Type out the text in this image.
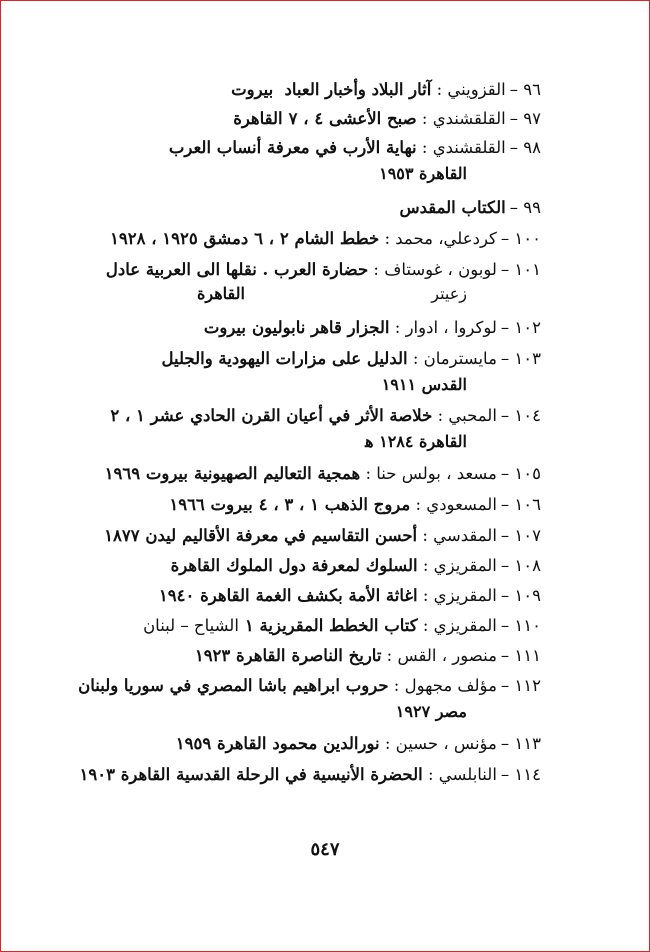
٩٦ –
القزويني :

آثار البلاد وأخبار العباد

بيروت
٩٧ –
القلقشندي :

صبح الأعشى ٤ ، ٧
القاهرة
٩٨ –
القلقشندي :

نهاية الأرب في معرفة أنساب العرب
القاهرة ١٩٥٣
٩٩ –
الكتاب المقدس
١٠٠ –
كردعلي، محمد :

خطط الشام ٢ ، ٦
دمشق ١٩٢٥ ، ١٩٢٨
١٠١ –
لوبون ، غوستاف :

حضارة العرب . نقلها الى العربية عادل
زعيتر
القاهرة
١٠٢ –
لوكروا ، ادوار :

الجزار قاهر نابوليون
بيروت
١٠٣ –
مايسترمان :

الدليل على مزارات اليهودية والجليل
القدس ١٩١١
١٠٤ –
المحبي :

خلاصة الأثر في أعيان القرن الحادي عشر ١ ، ٢
القاهرة ١٢٨٤ ﻫ
١٠٥ –
مسعد ، بولس حنا :

همجية التعاليم الصهيونية
بيروت ١٩٦٩
١٠٦ –
المسعودي :

مروج الذهب ١ ، ٣ ، ٤
بيروت ١٩٦٦
١٠٧ –
المقدسي :

أحسن التقاسيم في معرفة الأقاليم
ليدن ١٨٧٧
١٠٨ –
المقريزي :

السلوك لمعرفة دول الملوك
القاهرة
١٠٩ –
المقريزي :

اغاثة الأمة بكشف الغمة
القاهرة ١٩٤٠
١١٠ –
المقريزي :

كتاب الخطط المقريزية ١
الشياح – لبنان
١١١ –
منصور ، القس :

تاريخ الناصرة
القاهرة ١٩٢٣
١١٢ –
مؤلف مجهول :

حروب ابراهيم باشا المصري في سوريا ولبنان
مصر ١٩٢٧
١١٣ –
مؤنس ، حسين :

نورالدين محمود
القاهرة ١٩٥٩
١١٤ –
النابلسي :

الحضرة الأنيسية في الرحلة القدسية
القاهرة ١٩٠٣
٥٤٧
